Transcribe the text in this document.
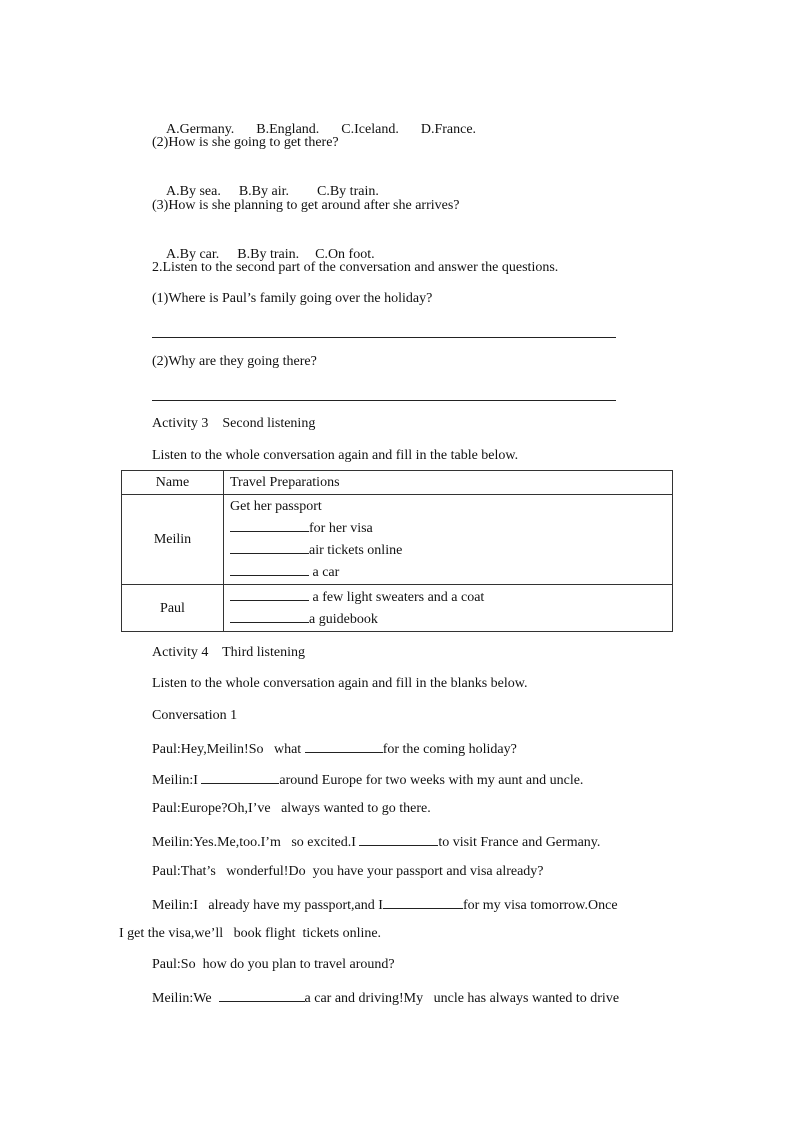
A.Germany. B.England. C.Iceland. D.France.

(2)How is she going to get there?

A.By sea. B.By air. C.By train.

(3)How is she planning to get around after she arrives?

A.By car. B.By train. C.On foot.

2.Listen to the second part of the conversation and answer the questions.
(1)Where is Paul’s family going over the holiday?
(2)Why are they going there?
Activity 3    Second listening
Listen to the whole conversation again and fill in the table below.
Name	Travel Preparations
Meilin	Get her passport
for her visa
air tickets online
a car

Paul	a few light sweaters and a coat
a guidebook
Activity 4    Third listening
Listen to the whole conversation again and fill in the blanks below.
Conversation 1
Paul:Hey,Meilin!So   what	for the coming holiday?
Meilin:I	around Europe for two weeks with my aunt and uncle.
Paul:Europe?Oh,I’ve   always wanted to go there.
Meilin:Yes.Me,too.I’m   so excited.I	to visit France and Germany.
Paul:That’s   wonderful!Do  you have your passport and visa already?
Meilin:I   already have my passport,and I	for my visa tomorrow.Once
I get the visa,we’ll   book flight  tickets online.
Paul:So  how do you plan to travel around?
Meilin:We	a car and driving!My   uncle has always wanted to drive
